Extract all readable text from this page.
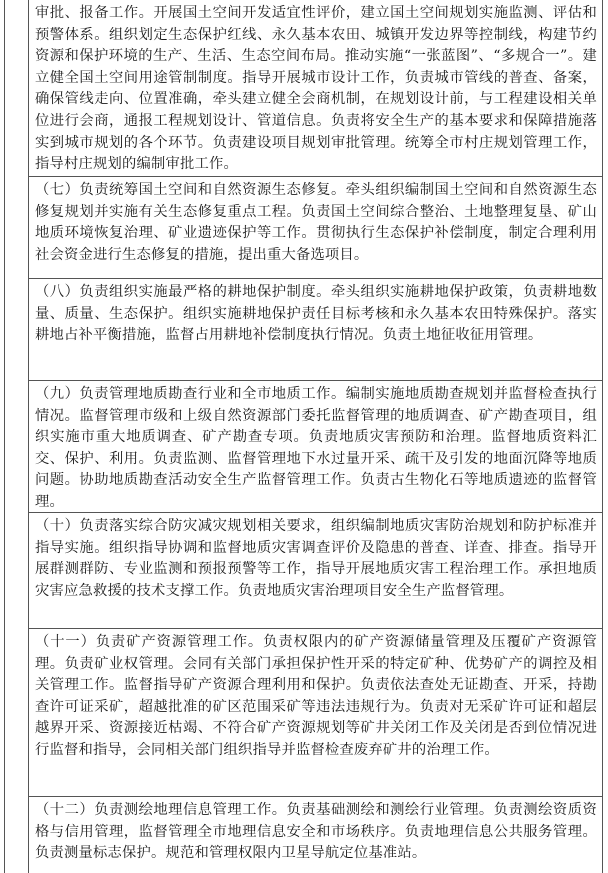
审批、报备工作。开展国土空间开发适宜性评价，建立国土空间规划实施监测、评估和预警体系。组织划定生态保护红线、永久基本农田、城镇开发边界等控制线，构建节约资源和保护环境的生产、生活、生态空间布局。推动实施“一张蓝图”、“多规合一”。建立健全国土空间用途管制制度。指导开展城市设计工作，负责城市管线的普查、备案，确保管线走向、位置准确，牵头建立健全会商机制，在规划设计前，与工程建设相关单位进行会商，通报工程规划设计、管道信息。负责将安全生产的基本要求和保障措施落实到城市规划的各个环节。负责建设项目规划审批管理。统筹全市村庄规划管理工作，指导村庄规划的编制审批工作。
（七）负责统筹国土空间和自然资源生态修复。牵头组织编制国土空间和自然资源生态修复规划并实施有关生态修复重点工程。负责国土空间综合整治、土地整理复垦、矿山地质环境恢复治理、矿业遗迹保护等工作。贯彻执行生态保护补偿制度，制定合理利用社会资金进行生态修复的措施，提出重大备选项目。
（八）负责组织实施最严格的耕地保护制度。牵头组织实施耕地保护政策，负责耕地数量、质量、生态保护。组织实施耕地保护责任目标考核和永久基本农田特殊保护。落实耕地占补平衡措施，监督占用耕地补偿制度执行情况。负责土地征收征用管理。
（九）负责管理地质勘查行业和全市地质工作。编制实施地质勘查规划并监督检查执行情况。监督管理市级和上级自然资源部门委托监督管理的地质调查、矿产勘查项目，组织实施市重大地质调查、矿产勘查专项。负责地质灾害预防和治理。监督地质资料汇交、保护、利用。负责监测、监督管理地下水过量开采、疏干及引发的地面沉降等地质问题。协助地质勘查活动安全生产监督管理工作。负责古生物化石等地质遗迹的监督管理。
（十）负责落实综合防灾减灾规划相关要求，组织编制地质灾害防治规划和防护标准并指导实施。组织指导协调和监督地质灾害调查评价及隐患的普查、详查、排查。指导开展群测群防、专业监测和预报预警等工作，指导开展地质灾害工程治理工作。承担地质灾害应急救援的技术支撑工作。负责地质灾害治理项目安全生产监督管理。
（十一）负责矿产资源管理工作。负责权限内的矿产资源储量管理及压覆矿产资源管理。负责矿业权管理。会同有关部门承担保护性开采的特定矿种、优势矿产的调控及相关管理工作。监督指导矿产资源合理利用和保护。负责依法查处无证勘查、开采，持勘查许可证采矿，超越批准的矿区范围采矿等违法违规行为。负责对无采矿许可证和超层越界开采、资源接近枯竭、不符合矿产资源规划等矿井关闭工作及关闭是否到位情况进行监督和指导，会同相关部门组织指导并监督检查废弃矿井的治理工作。
（十二）负责测绘地理信息管理工作。负责基础测绘和测绘行业管理。负责测绘资质资格与信用管理，监督管理全市地理信息安全和市场秩序。负责地理信息公共服务管理。负责测量标志保护。规范和管理权限内卫星导航定位基准站。
